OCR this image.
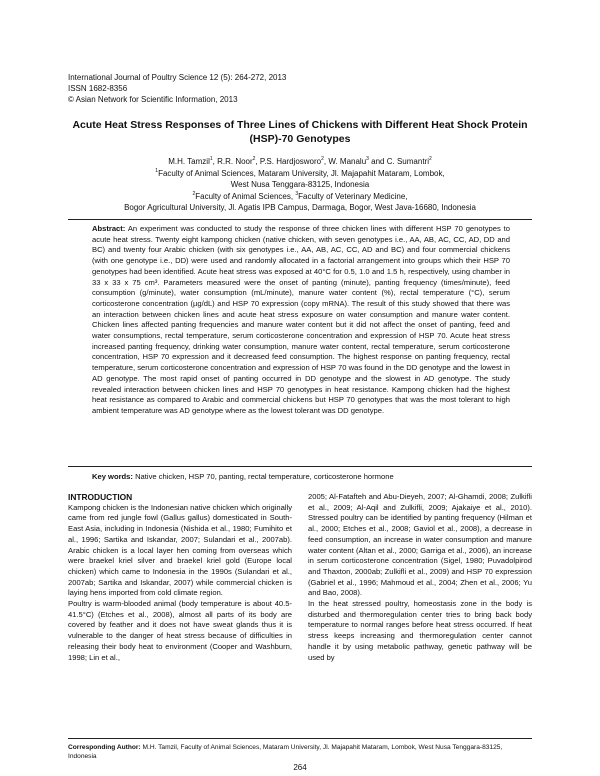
International Journal of Poultry Science 12 (5): 264-272, 2013
ISSN 1682-8356
© Asian Network for Scientific Information, 2013
Acute Heat Stress Responses of Three Lines of Chickens with Different Heat Shock Protein (HSP)-70 Genotypes
M.H. Tamzil$^1$, R.R. Noor$^2$, P.S. Hardjosworo$^2$, W. Manalu$^3$ and C. Sumantri$^2$
$^1$Faculty of Animal Sciences, Mataram University, Jl. Majapahit Mataram, Lombok,
West Nusa Tenggara-83125, Indonesia
$^2$Faculty of Animal Sciences, $^3$Faculty of Veterinary Medicine,
Bogor Agricultural University, Jl. Agatis IPB Campus, Darmaga, Bogor, West Java-16680, Indonesia
Abstract: An experiment was conducted to study the response of three chicken lines with different HSP 70 genotypes to acute heat stress. Twenty eight kampong chicken (native chicken, with seven genotypes i.e., AA, AB, AC, CC, AD, DD and BC) and twenty four Arabic chicken (with six genotypes i.e., AA, AB, AC, CC, AD and BC) and four commercial chickens (with one genotype i.e., DD) were used and randomly allocated in a factorial arrangement into groups which their HSP 70 genotypes had been identified. Acute heat stress was exposed at 40°C for 0.5, 1.0 and 1.5 h, respectively, using chamber in 33 x 33 x 75 cm³. Parameters measured were the onset of panting (minute), panting frequency (times/minute), feed consumption (g/minute), water consumption (mL/minute), manure water content (%), rectal temperature (°C), serum corticosterone concentration (µg/dL) and HSP 70 expression (copy mRNA). The result of this study showed that there was an interaction between chicken lines and acute heat stress exposure on water consumption and manure water content. Chicken lines affected panting frequencies and manure water content but it did not affect the onset of panting, feed and water consumptions, rectal temperature, serum corticosterone concentration and expression of HSP 70. Acute heat stress increased panting frequency, drinking water consumption, manure water content, rectal temperature, serum corticosterone concentration, HSP 70 expression and it decreased feed consumption. The highest response on panting frequency, rectal temperature, serum corticosterone concentration and expression of HSP 70 was found in the DD genotype and the lowest in AD genotype. The most rapid onset of panting occurred in DD genotype and the slowest in AD genotype. The study revealed interaction between chicken lines and HSP 70 genotypes in heat resistance. Kampong chicken had the highest heat resistance as compared to Arabic and commercial chickens but HSP 70 genotypes that was the most tolerant to high ambient temperature was AD genotype where as the lowest tolerant was DD genotype.
Key words: Native chicken, HSP 70, panting, rectal temperature, corticosterone hormone
INTRODUCTION

Kampong chicken is the Indonesian native chicken which originally came from red jungle fowl (Gallus gallus) domesticated in South-East Asia, including in Indonesia (Nishida et al., 1980; Fumihito et al., 1996; Sartika and Iskandar, 2007; Sulandari et al., 2007ab). Arabic chicken is a local layer hen coming from overseas which were braekel kriel silver and braekel kriel gold (Europe local chicken) which came to Indonesia in the 1990s (Sulandari et al., 2007ab; Sartika and Iskandar, 2007) while commercial chicken is laying hens imported from cold climate region.

Poultry is warm-blooded animal (body temperature is about 40.5-41.5°C) (Etches et al., 2008), almost all parts of its body are covered by feather and it does not have sweat glands thus it is vulnerable to the danger of heat stress because of difficulties in releasing their body heat to environment (Cooper and Washburn, 1998; Lin et al.,

2005; Al-Fatafteh and Abu-Dieyeh, 2007; Al-Ghamdi, 2008; Zulkifli et al., 2009; Al-Aqil and Zulkifli, 2009; Ajakaiye et al., 2010). Stressed poultry can be identified by panting frequency (Hilman et al., 2000; Etches et al., 2008; Gaviol et al., 2008), a decrease in feed consumption, an increase in water consumption and manure water content (Altan et al., 2000; Garriga et al., 2006), an increase in serum corticosterone concentration (Sigel, 1980; Puvadolpirod and Thaxton, 2000ab; Zulkifli et al., 2009) and HSP 70 expression (Gabriel et al., 1996; Mahmoud et al., 2004; Zhen et al., 2006; Yu and Bao, 2008).

In the heat stressed poultry, homeostasis zone in the body is disturbed and thermoregulation center tries to bring back body temperature to normal ranges before heat stress occurred. If heat stress keeps increasing and thermoregulation center cannot handle it by using metabolic pathway, genetic pathway will be used by

Corresponding Author: M.H. Tamzil, Faculty of Animal Sciences, Mataram University, Jl. Majapahit Mataram, Lombok, West Nusa Tenggara-83125, Indonesia
264
